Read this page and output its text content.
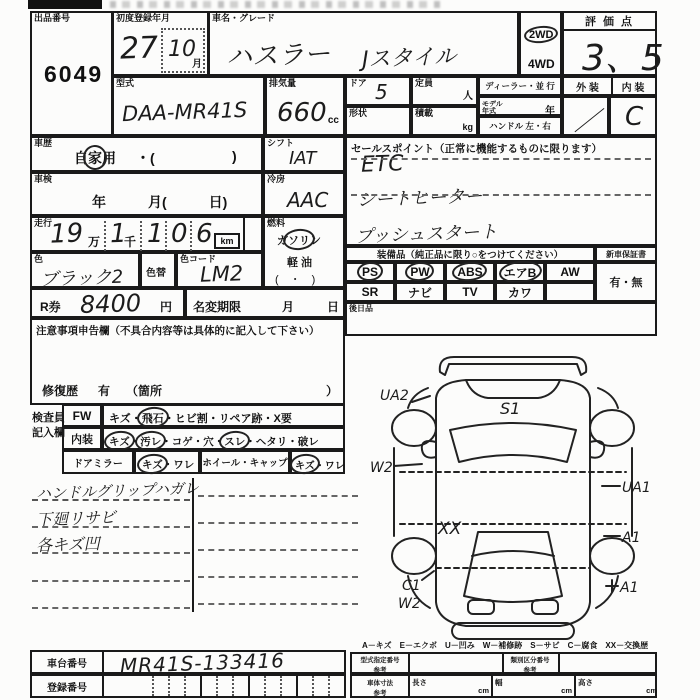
出品番号
6049
初度登録年月
27 10
月
車名・グレード
ハスラー Jスタイル
2WD
4WD
評 価 点
3、5
型式
DAA-MR41S
排気量
660 cc
ドア 5	定員
人
形状	積載
kg
ディーラー・並 行
モデル
年式	年
ハンドル 左・右
外 装	内 装
／ C
車歴
自家用 ・(	)
車検
年　　　月(　　　日)
走行
19 万 1
千 1 0 6 km
色
ブラック2 色替
色コード
LM2
R券 8400 円 名変期限	月	日
注意事項申告欄（不具合内容等は具体的に記入して下さい）
修復歴 有 （箇所	）
シフト
IAT
冷房
AAC
燃料
ガソリン
軽 油
(　・　)
セールスポイント（正常に機能するものに限ります）
ETC
シートヒーター
プッシュスタート
装備品（純正品に限り○をつけてください）	新車保証書
PS	PW ABS エアB AW
有・無
SR	ナビ	TV	カワ
後日品
検査員
記入欄
FW	キズ・飛石・ヒビ割・リペア跡・X要
内装	キズ・汚レ・コゲ・穴・スレ・ヘタリ・破レ
ドアミラー	キズ・ワレ ホイール・キャップ キズ・ワレ
ハンドルグリップハガレ
下廻リサビ
各キズ凹
UA2
S1
W2
UA1
XX	A1
C1
W2
A1
車台番号	MR41S-133416
登録番号
A－キズ　E－エクボ　U－凹み　W－補修跡　S－サビ　C－腐食　XX－交換歴
型式指定番号
参考
類別区分番号
参考
車体寸法
参考
長さ
cm
幅
cm
高さ
cm
